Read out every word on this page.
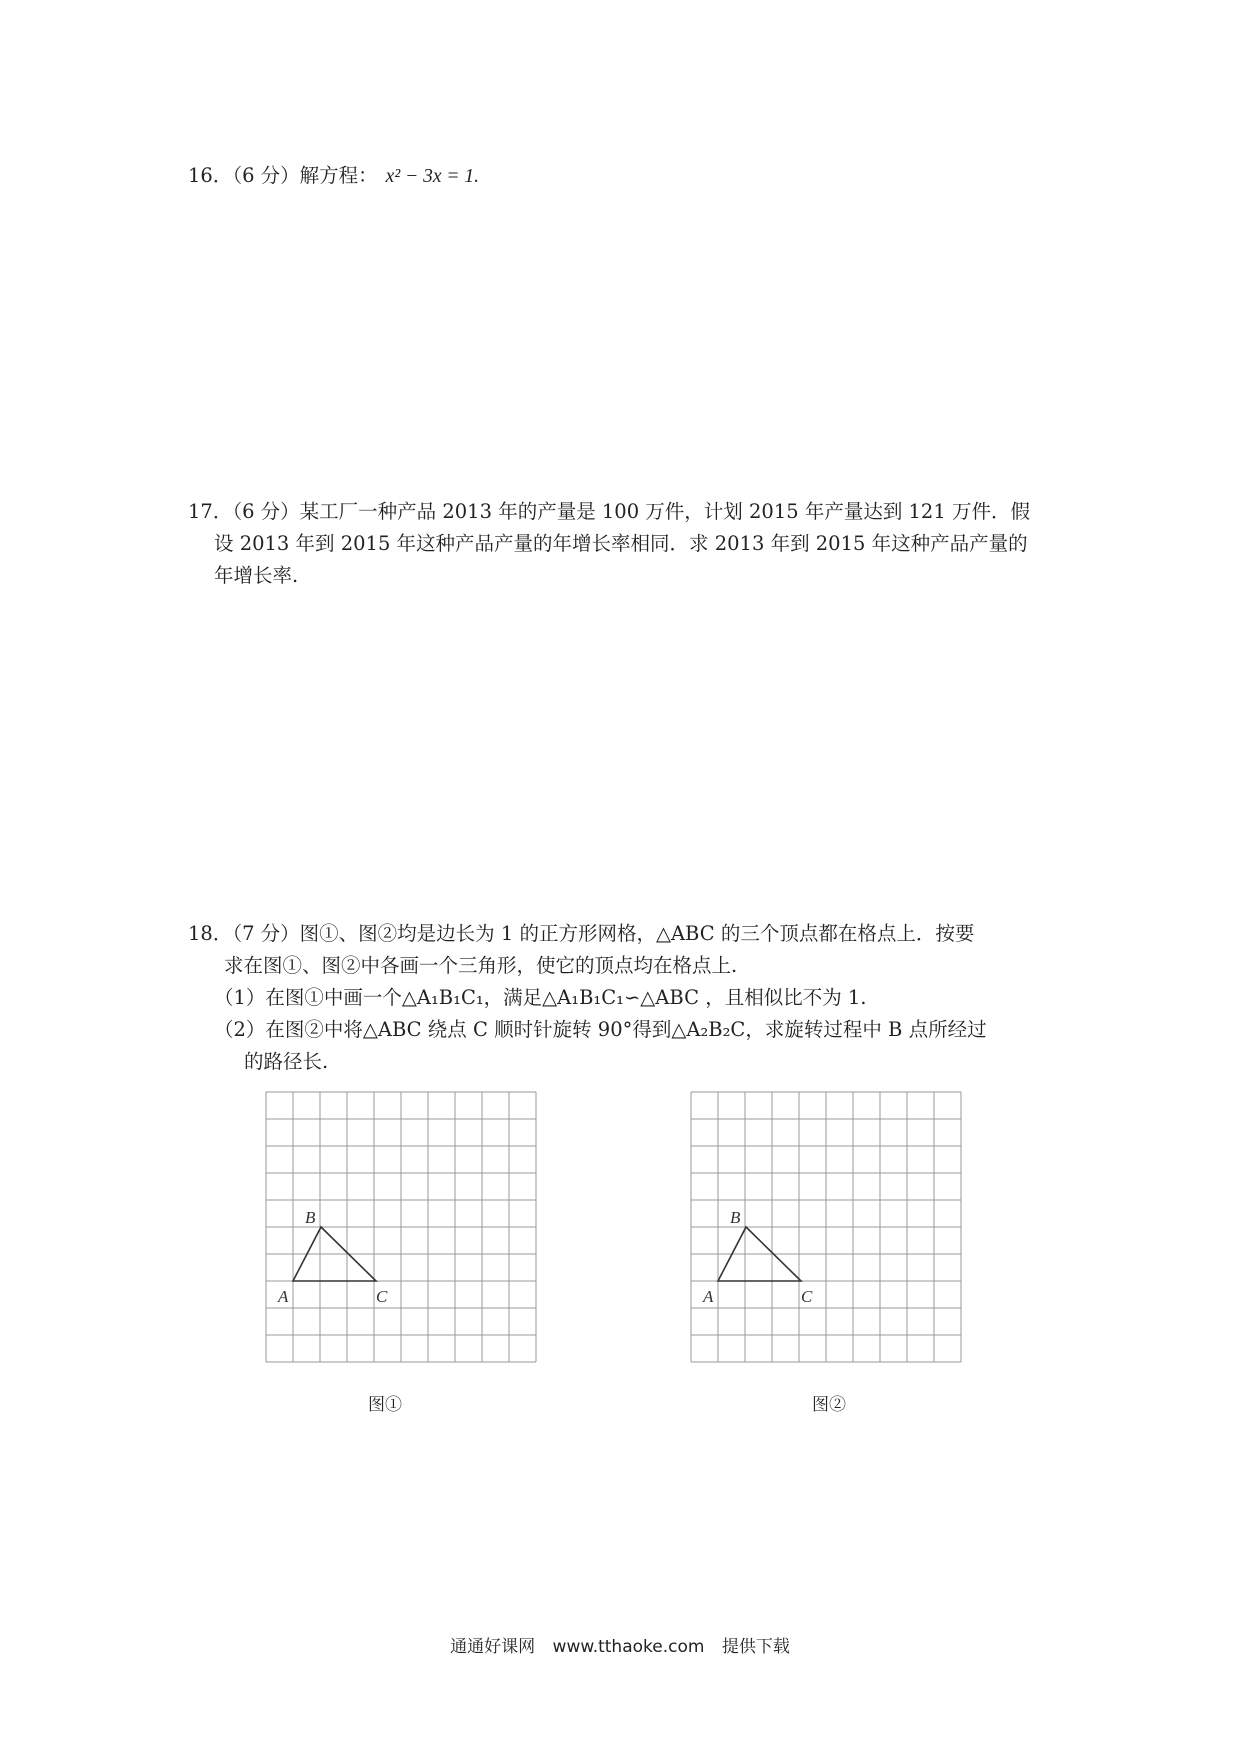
16．（6 分）解方程： x² − 3x = 1.
17．（6 分）某工厂一种产品 2013 年的产量是 100 万件，计划 2015 年产量达到 121 万件．假
设 2013 年到 2015 年这种产品产量的年增长率相同．求 2013 年到 2015 年这种产品产量的
年增长率.
18．（7 分）图①、图②均是边长为 1 的正方形网格，△ABC 的三个顶点都在格点上．按要
求在图①、图②中各画一个三角形，使它的顶点均在格点上.
（1）在图①中画一个△A₁B₁C₁，满足△A₁B₁C₁∽△ABC ，且相似比不为 1.
（2）在图②中将△ABC 绕点 C 顺时针旋转 90°得到△A₂B₂C，求旋转过程中 B 点所经过
的路径长.
A
B
C
图①
A
B
C
图②
通通好课网 www.tthaoke.com 提供下载
